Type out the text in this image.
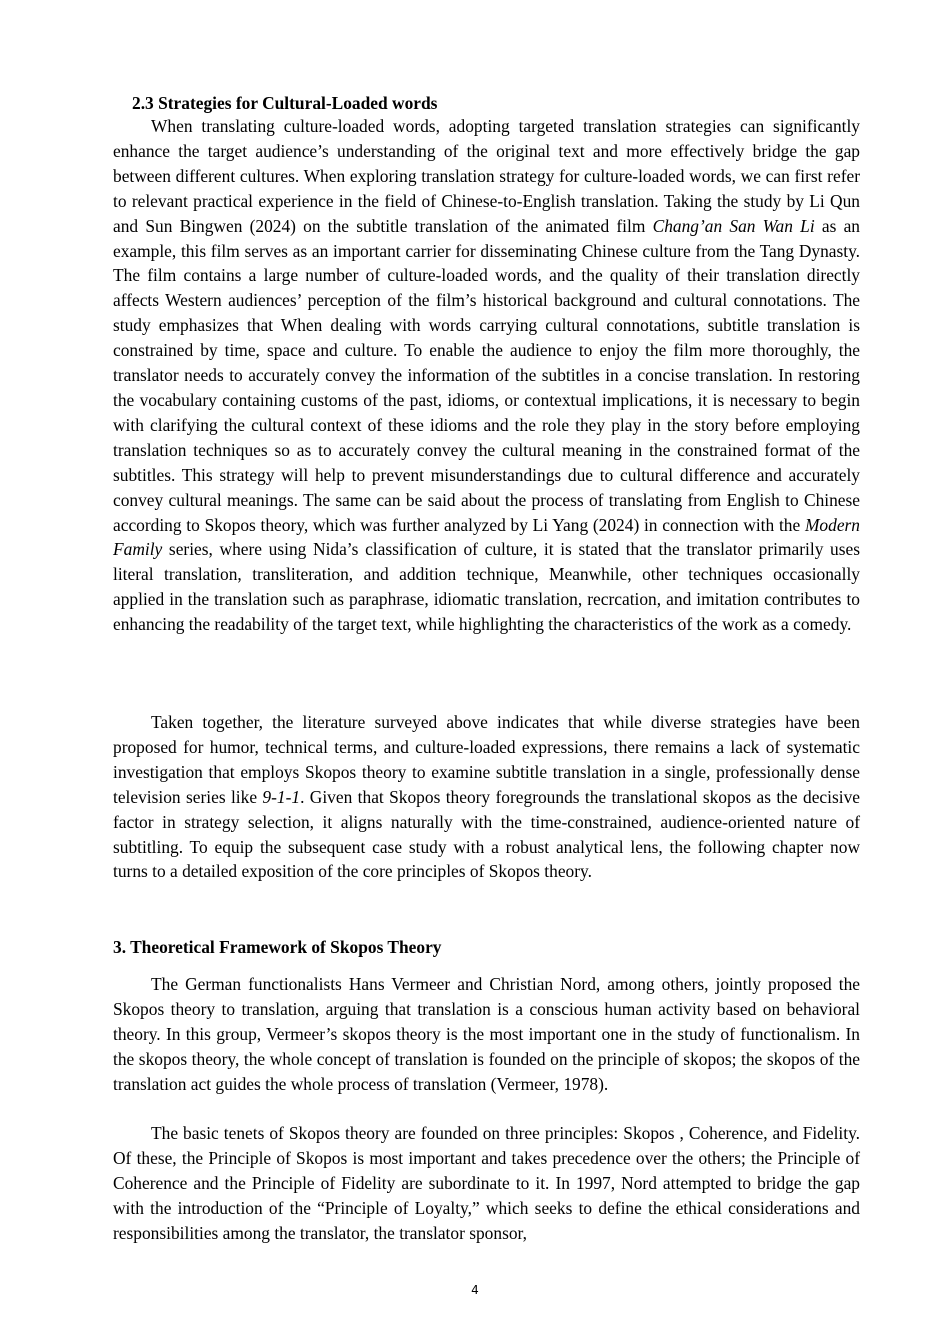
2.3 Strategies for Cultural-Loaded words

When translating culture-loaded words, adopting targeted translation strategies can significantly enhance the target audience’s understanding of the original text and more effectively bridge the gap between different cultures. When exploring translation strategy for culture-loaded words, we can first refer to relevant practical experience in the field of Chinese-to-English translation. Taking the study by Li Qun and Sun Bingwen (2024) on the subtitle translation of the animated film Chang’an San Wan Li as an example, this film serves as an important carrier for disseminating Chinese culture from the Tang Dynasty. The film contains a large number of culture-loaded words, and the quality of their translation directly affects Western audiences’ perception of the film’s historical background and cultural connotations. The study emphasizes that When dealing with words carrying cultural connotations, subtitle translation is constrained by time, space and culture. To enable the audience to enjoy the film more thoroughly, the translator needs to accurately convey the information of the subtitles in a concise translation. In restoring the vocabulary containing customs of the past, idioms, or contextual implications, it is necessary to begin with clarifying the cultural context of these idioms and the role they play in the story before employing translation techniques so as to accurately convey the cultural meaning in the constrained format of the subtitles. This strategy will help to prevent misunderstandings due to cultural difference and accurately convey cultural meanings. The same can be said about the process of translating from English to Chinese according to Skopos theory, which was further analyzed by Li Yang (2024) in connection with the Modern Family series, where using Nida’s classification of culture, it is stated that the translator primarily uses literal translation, transliteration, and addition technique, Meanwhile, other techniques occasionally applied in the translation such as paraphrase, idiomatic translation, recrcation, and imitation contributes to enhancing the readability of the target text, while highlighting the characteristics of the work as a comedy.

Taken together, the literature surveyed above indicates that while diverse strategies have been proposed for humor, technical terms, and culture-loaded expressions, there remains a lack of systematic investigation that employs Skopos theory to examine subtitle translation in a single, professionally dense television series like 9-1-1. Given that Skopos theory foregrounds the translational skopos as the decisive factor in strategy selection, it aligns naturally with the time-constrained, audience-oriented nature of subtitling. To equip the subsequent case study with a robust analytical lens, the following chapter now turns to a detailed exposition of the core principles of Skopos theory.

3. Theoretical Framework of Skopos Theory

The German functionalists Hans Vermeer and Christian Nord, among others, jointly proposed the Skopos theory to translation, arguing that translation is a conscious human activity based on behavioral theory. In this group, Vermeer’s skopos theory is the most important one in the study of functionalism. In the skopos theory, the whole concept of translation is founded on the principle of skopos; the skopos of the translation act guides the whole process of translation (Vermeer, 1978).

The basic tenets of Skopos theory are founded on three principles: Skopos , Coherence, and Fidelity. Of these, the Principle of Skopos is most important and takes precedence over the others; the Principle of Coherence and the Principle of Fidelity are subordinate to it. In 1997, Nord attempted to bridge the gap with the introduction of the “Principle of Loyalty,” which seeks to define the ethical considerations and responsibilities among the translator, the translator sponsor,

4
